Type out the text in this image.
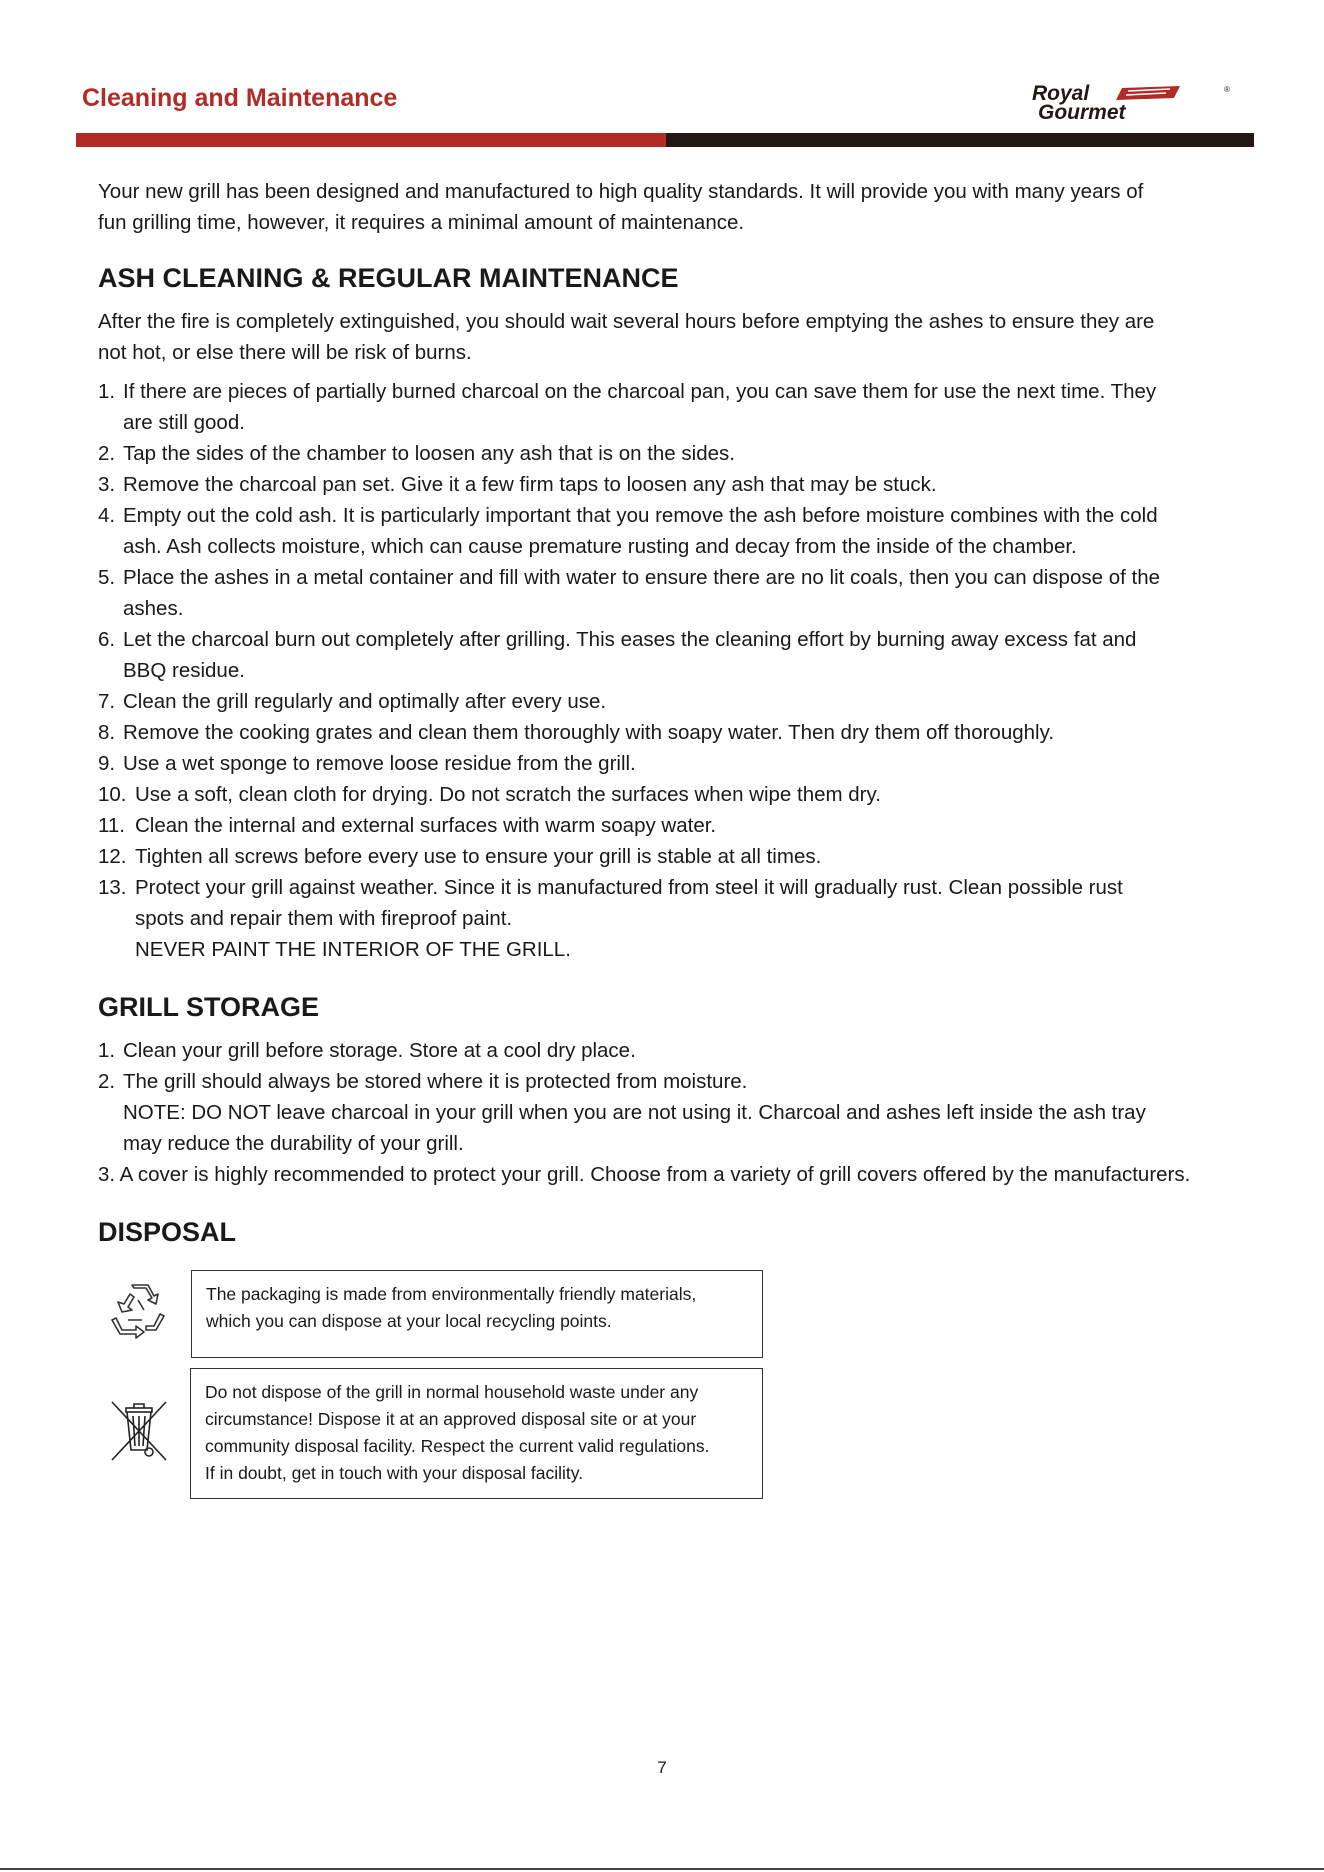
Cleaning and Maintenance	Royal
Gourmet
®

Your new grill has been designed and manufactured to high quality standards. It will provide you with many years of

fun grilling time, however, it requires a minimal amount of maintenance.

ASH CLEANING & REGULAR MAINTENANCE

After the fire is completely extinguished, you should wait several hours before emptying the ashes to ensure they are

not hot, or else there will be risk of burns.

1. If there are pieces of partially burned charcoal on the charcoal pan, you can save them for use the next time. They
are still good.
2. Tap the sides of the chamber to loosen any ash that is on the sides.
3. Remove the charcoal pan set. Give it a few firm taps to loosen any ash that may be stuck.
4. Empty out the cold ash. It is particularly important that you remove the ash before moisture combines with the cold
ash. Ash collects moisture, which can cause premature rusting and decay from the inside of the chamber.
5. Place the ashes in a metal container and fill with water to ensure there are no lit coals, then you can dispose of the
ashes.
6. Let the charcoal burn out completely after grilling. This eases the cleaning effort by burning away excess fat and
BBQ residue.
7. Clean the grill regularly and optimally after every use.
8. Remove the cooking grates and clean them thoroughly with soapy water. Then dry them off thoroughly.
9. Use a wet sponge to remove loose residue from the grill.
10. Use a soft, clean cloth for drying. Do not scratch the surfaces when wipe them dry.
11. Clean the internal and external surfaces with warm soapy water.
12. Tighten all screws before every use to ensure your grill is stable at all times.
13. Protect your grill against weather. Since it is manufactured from steel it will gradually rust. Clean possible rust
spots and repair them with fireproof paint.
NEVER PAINT THE INTERIOR OF THE GRILL.
GRILL STORAGE
1. Clean your grill before storage. Store at a cool dry place.
2. The grill should always be stored where it is protected from moisture.

NOTE: DO NOT leave charcoal in your grill when you are not using it. Charcoal and ashes left inside the ash tray

may reduce the durability of your grill.

3. A cover is highly recommended to protect your grill. Choose from a variety of grill covers offered by the manufacturers.

DISPOSAL

The packaging is made from environmentally friendly materials,

which you can dispose at your local recycling points.

Do not dispose of the grill in normal household waste under any

circumstance! Dispose it at an approved disposal site or at your

community disposal facility. Respect the current valid regulations.

If in doubt, get in touch with your disposal facility.

7
